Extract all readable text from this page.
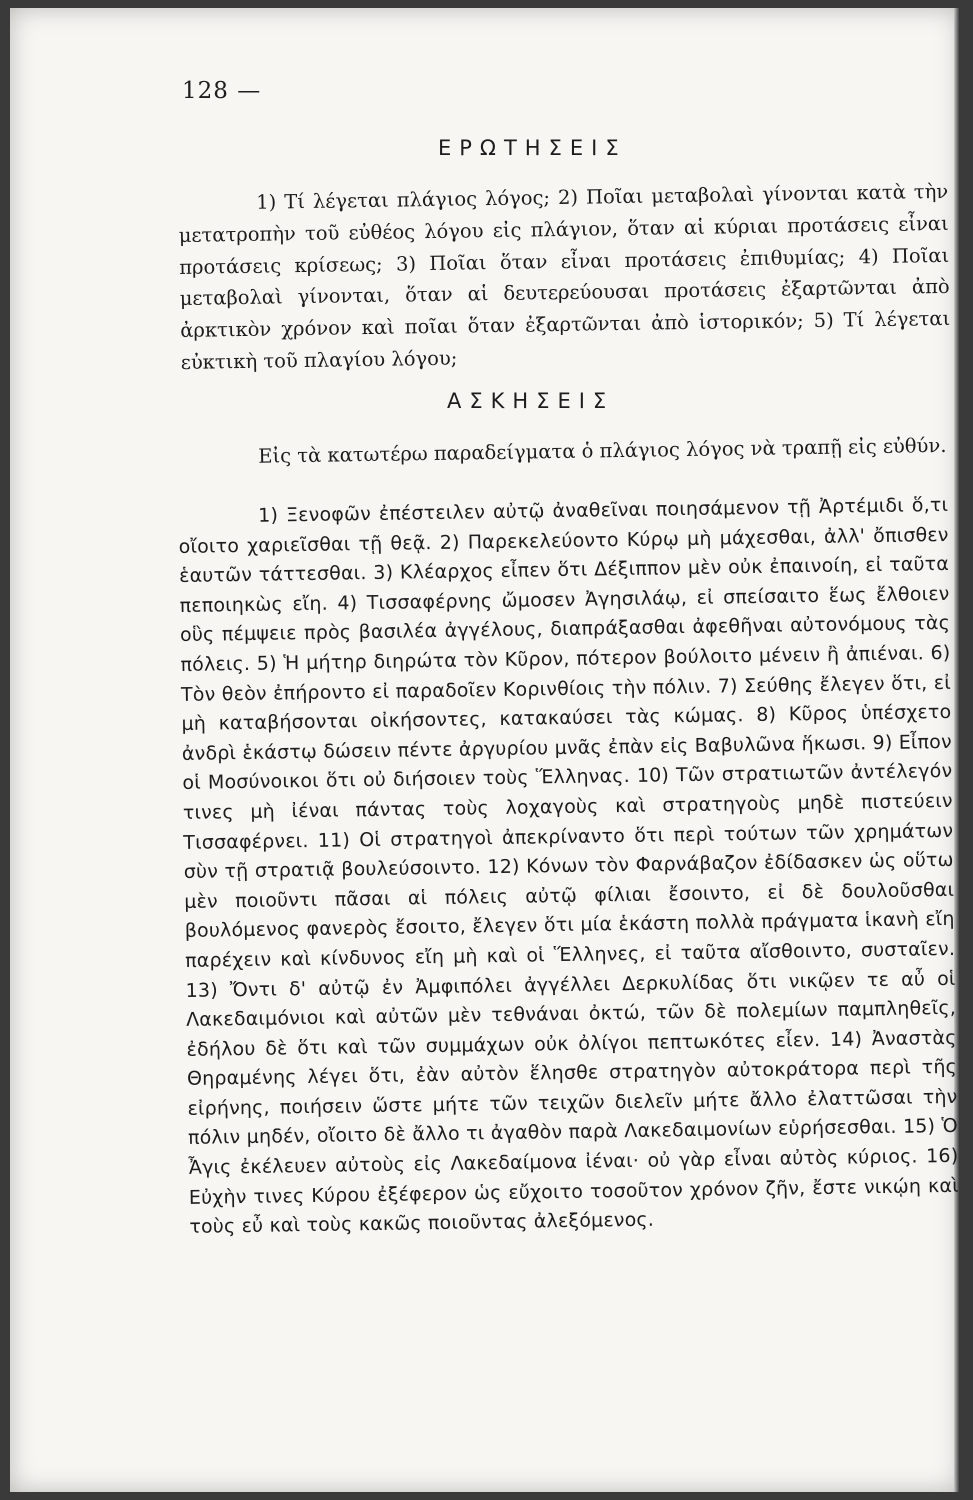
128 —
ΕΡΩΤΗΣΕΙΣ

1) Τί λέγεται πλάγιος λόγος; 2) Ποῖαι μεταβολαὶ γίνονται κατὰ τὴν μετατροπὴν τοῦ εὐθέος λόγου εἰς πλάγιον, ὅταν αἱ κύριαι προτάσεις εἶναι προτάσεις κρίσεως; 3) Ποῖαι ὅταν εἶναι προτάσεις ἐπιθυμίας; 4) Ποῖαι μεταβολαὶ γίνονται, ὅταν αἱ δευτερεύουσαι προτάσεις ἐξαρτῶνται ἀπὸ ἀρκτικὸν χρόνον καὶ ποῖαι ὅταν ἐξαρτῶνται ἀπὸ ἱστορικόν; 5) Τί λέγεται εὐκτικὴ τοῦ πλαγίου λόγου;

ΑΣΚΗΣΕΙΣ

Εἰς τὰ κατωτέρω παραδείγματα ὁ πλάγιος λόγος νὰ τραπῇ εἰς εὐθύν.

1) Ξενοφῶν ἐπέστειλεν αὐτῷ ἀναθεῖναι ποιησάμενον τῇ Ἀρτέμιδι ὅ,τι οἴοιτο χαριεῖσθαι τῇ θεᾷ. 2) Παρεκελεύοντο Κύρῳ μὴ μάχεσθαι, ἀλλ' ὄπισθεν ἑαυτῶν τάττεσθαι. 3) Κλέαρχος εἶπεν ὅτι Δέξιππον μὲν οὐκ ἐπαινοίη, εἰ ταῦτα πεποιηκὼς εἴη. 4) Τισσαφέρνης ὤμοσεν Ἀγησιλάῳ, εἰ σπείσαιτο ἕως ἔλθοιεν οὓς πέμψειε πρὸς βασιλέα ἀγγέλους, διαπράξασθαι ἀφεθῆναι αὐτονόμους τὰς πόλεις. 5) Ἡ μήτηρ διηρώτα τὸν Κῦρον, πότερον βούλοιτο μένειν ἢ ἀπιέναι. 6) Τὸν θεὸν ἐπήροντο εἰ παραδοῖεν Κορινθίοις τὴν πόλιν. 7) Σεύθης ἔλεγεν ὅτι, εἰ μὴ καταβήσονται οἰκήσοντες, κατακαύσει τὰς κώμας. 8) Κῦρος ὑπέσχετο ἀνδρὶ ἑκάστῳ δώσειν πέντε ἀργυρίου μνᾶς ἐπὰν εἰς Βαβυλῶνα ἥκωσι. 9) Εἶπον οἱ Μοσύνοικοι ὅτι οὐ διήσοιεν τοὺς Ἕλληνας. 10) Τῶν στρατιωτῶν ἀντέλεγόν τινες μὴ ἰέναι πάντας τοὺς λοχαγοὺς καὶ στρατηγοὺς μηδὲ πιστεύειν Τισσαφέρνει. 11) Οἱ στρατηγοὶ ἀπεκρίναντο ὅτι περὶ τούτων τῶν χρημάτων σὺν τῇ στρατιᾷ βουλεύσοιντο. 12) Κόνων τὸν Φαρνάβαζον ἐδίδασκεν ὡς οὕτω μὲν ποιοῦντι πᾶσαι αἱ πόλεις αὐτῷ φίλιαι ἔσοιντο, εἰ δὲ δουλοῦσθαι βουλόμενος φανερὸς ἔσοιτο, ἔλεγεν ὅτι μία ἑκάστη πολλὰ πράγματα ἱκανὴ εἴη παρέχειν καὶ κίνδυνος εἴη μὴ καὶ οἱ Ἕλληνες, εἰ ταῦτα αἴσθοιντο, συσταῖεν. 13) Ὄντι δ' αὐτῷ ἐν Ἀμφιπόλει ἀγγέλλει Δερκυλίδας ὅτι νικῷεν τε αὖ οἱ Λακεδαιμόνιοι καὶ αὐτῶν μὲν τεθνάναι ὀκτώ, τῶν δὲ πολεμίων παμπληθεῖς, ἐδήλου δὲ ὅτι καὶ τῶν συμμάχων οὐκ ὀλίγοι πεπτωκότες εἶεν. 14) Ἀναστὰς Θηραμένης λέγει ὅτι, ἐὰν αὐτὸν ἕλησθε στρατηγὸν αὐτοκράτορα περὶ τῆς εἰρήνης, ποιήσειν ὥστε μήτε τῶν τειχῶν διελεῖν μήτε ἄλλο ἐλαττῶσαι τὴν πόλιν μηδέν, οἴοιτο δὲ ἄλλο τι ἀγαθὸν παρὰ Λακεδαιμονίων εὑρήσεσθαι. 15) Ὁ Ἆγις ἐκέλευεν αὐτοὺς εἰς Λακεδαίμονα ἰέναι· οὐ γὰρ εἶναι αὐτὸς κύριος. 16) Εὐχὴν τινες Κύρου ἐξέφερον ὡς εὔχοιτο τοσοῦτον χρόνον ζῆν, ἔστε νικῴη καὶ τοὺς εὖ καὶ τοὺς κακῶς ποιοῦντας ἀλεξόμενος.
